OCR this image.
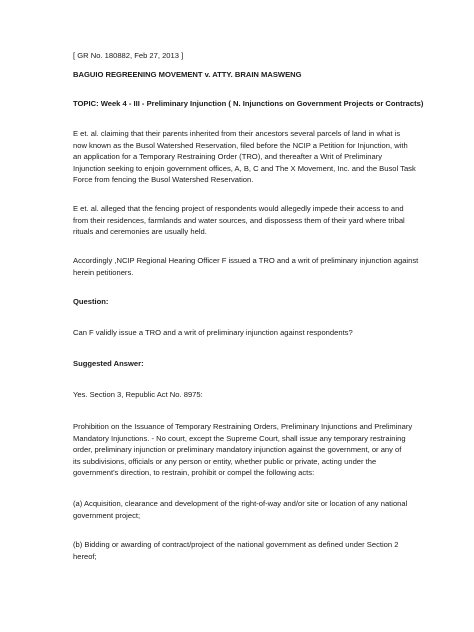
[ GR No. 180882, Feb 27, 2013 ]

BAGUIO REGREENING MOVEMENT v. ATTY. BRAIN MASWENG

TOPIC: Week 4 - III - Preliminary Injunction ( N. Injunctions on Government Projects or Contracts)

E et. al. claiming that their parents inherited from their ancestors several parcels of land in what is

now known as the Busol Watershed Reservation, filed before the NCIP a Petition for Injunction, with

an application for a Temporary Restraining Order (TRO), and thereafter a Writ of Preliminary

Injunction seeking to enjoin government offices, A, B, C and The X Movement, Inc. and the Busol Task

Force from fencing the Busol Watershed Reservation.

E et. al. alleged that the fencing project of respondents would allegedly impede their access to and

from their residences, farmlands and water sources, and dispossess them of their yard where tribal

rituals and ceremonies are usually held.

Accordingly ,NCIP Regional Hearing Officer F issued a TRO and a writ of preliminary injunction against

herein petitioners.

Question:

Can F validly issue a TRO and a writ of preliminary injunction against respondents?

Suggested Answer:

Yes. Section 3, Republic Act No. 8975:

Prohibition on the Issuance of Temporary Restraining Orders, Preliminary Injunctions and Preliminary

Mandatory Injunctions. - No court, except the Supreme Court, shall issue any temporary restraining

order, preliminary injunction or preliminary mandatory injunction against the government, or any of

its subdivisions, officials or any person or entity, whether public or private, acting under the

government's direction, to restrain, prohibit or compel the following acts:

(a) Acquisition, clearance and development of the right-of-way and/or site or location of any national

government project;

(b) Bidding or awarding of contract/project of the national government as defined under Section 2

hereof;
